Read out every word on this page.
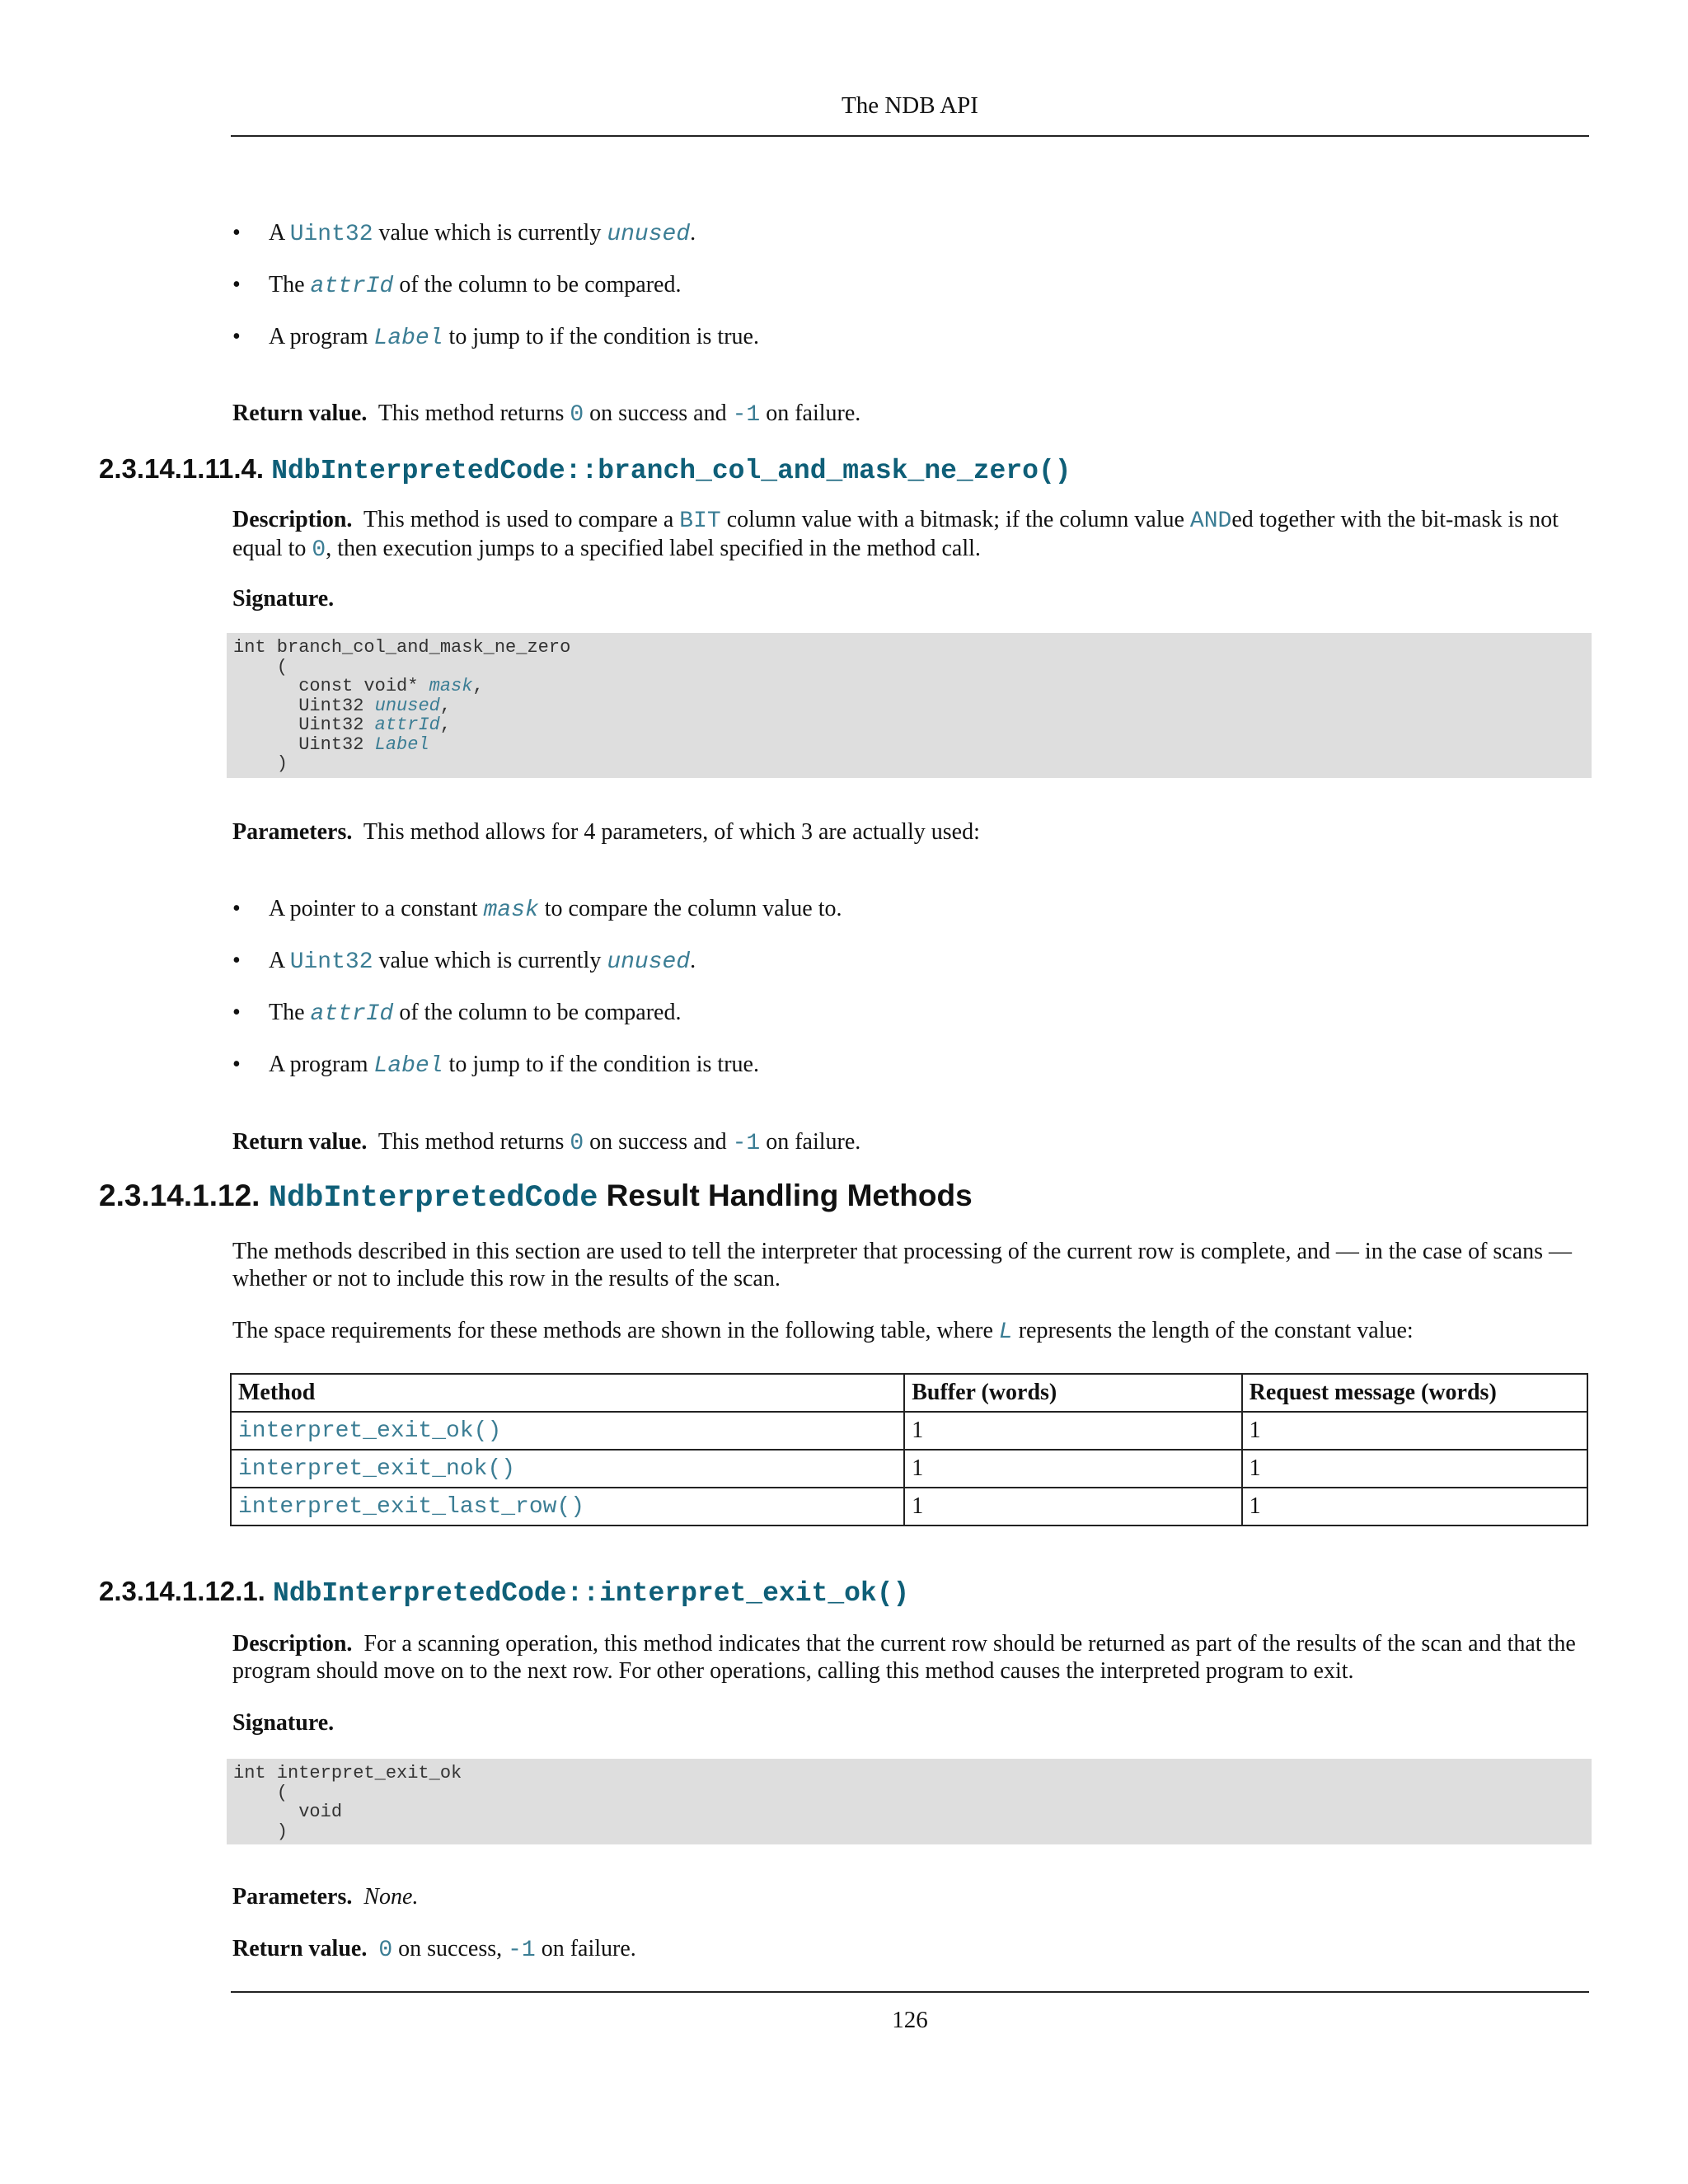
The NDB API
• A Uint32 value which is currently unused.
• The attrId of the column to be compared.
• A program Label to jump to if the condition is true.
Return value. This method returns 0 on success and -1 on failure.
2.3.14.1.11.4. NdbInterpretedCode::branch_col_and_mask_ne_zero()
Description. This method is used to compare a BIT column value with a bitmask; if the column value ANDed together with the bit-mask is not equal to 0, then execution jumps to a specified label specified in the method call.
Signature.
int branch_col_and_mask_ne_zero
(
const void* mask,
Uint32 unused,
Uint32 attrId,
Uint32 Label
)
Parameters. This method allows for 4 parameters, of which 3 are actually used:
• A pointer to a constant mask to compare the column value to.
• A Uint32 value which is currently unused.
• The attrId of the column to be compared.
• A program Label to jump to if the condition is true.
Return value. This method returns 0 on success and -1 on failure.
2.3.14.1.12. NdbInterpretedCode Result Handling Methods
The methods described in this section are used to tell the interpreter that processing of the current row is complete, and — in the case of scans — whether or not to include this row in the results of the scan.
The space requirements for these methods are shown in the following table, where L represents the length of the constant value:
Method	Buffer (words)	Request message (words)
interpret_exit_ok()	1	1
interpret_exit_nok()	1	1
interpret_exit_last_row()	1	1
2.3.14.1.12.1. NdbInterpretedCode::interpret_exit_ok()
Description. For a scanning operation, this method indicates that the current row should be returned as part of the results of the scan and that the program should move on to the next row. For other operations, calling this method causes the interpreted program to exit.
Signature.
int interpret_exit_ok
(
void
)
Parameters. None.
Return value. 0 on success, -1 on failure.
126
